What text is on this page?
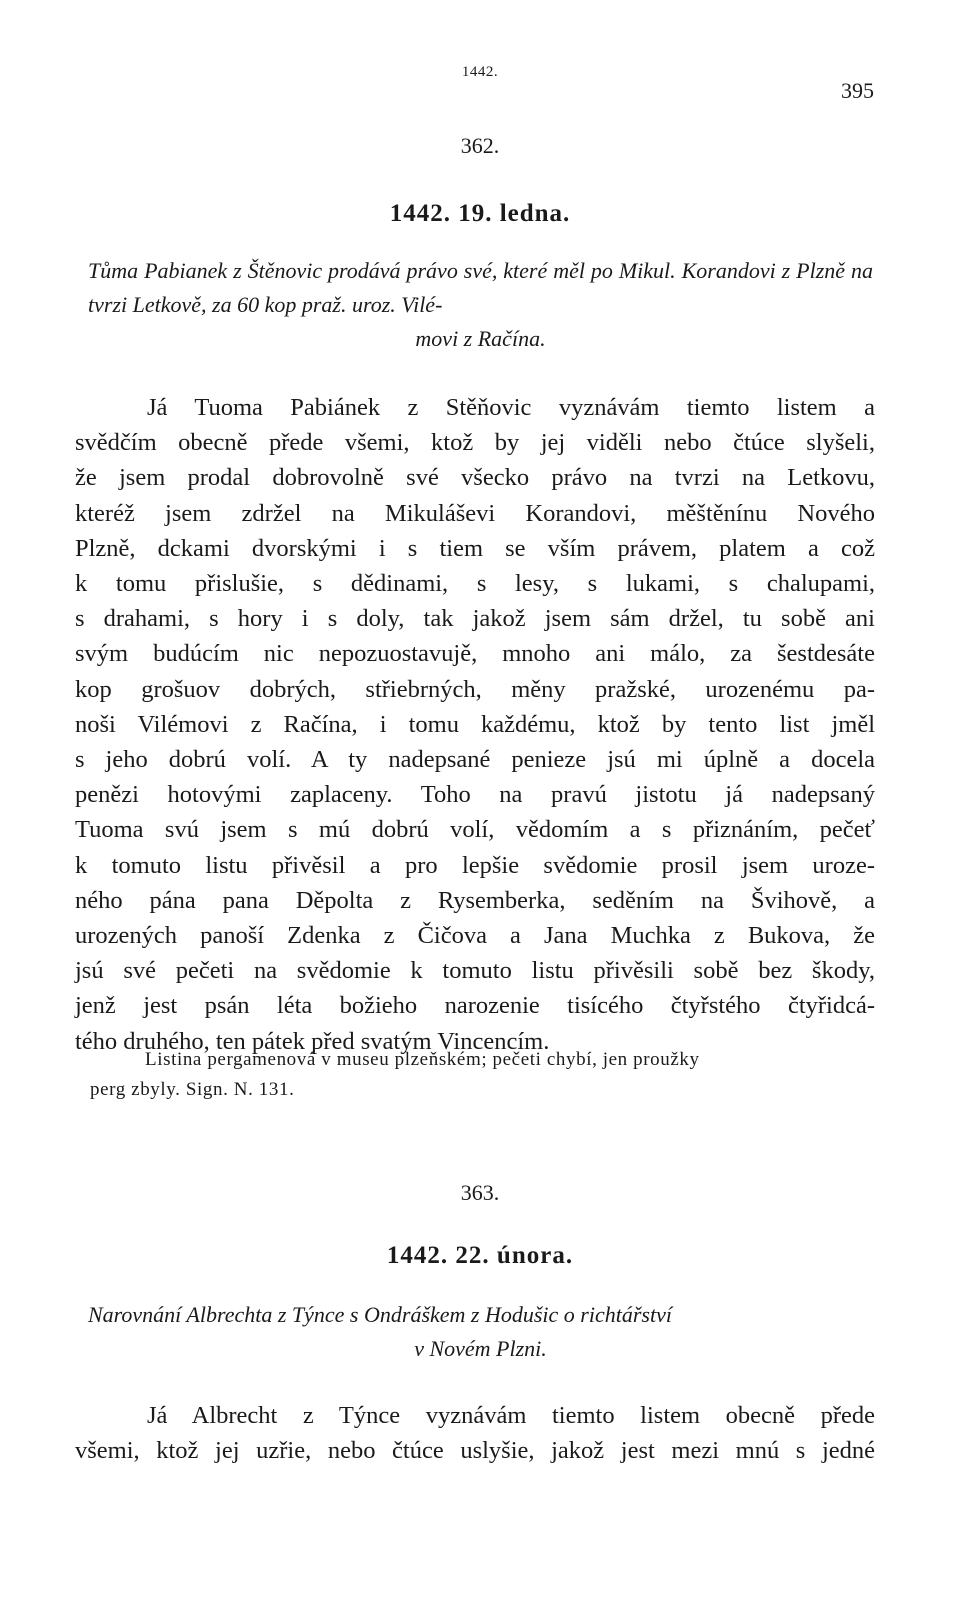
1442.
395
362.
1442. 19. ledna.
Tůma Pabianek z Štěnovic prodává právo své, které měl po Mikul. Korandovi z Plzně na tvrzi Letkově, za 60 kop praž. uroz. Vilé-
movi z Račína.
Já Tuoma Pabiánek z Stěňovic vyznávám tiemto listem a
svědčím obecně přede všemi, ktož by jej viděli nebo čtúce slyšeli,
že jsem prodal dobrovolně své všecko právo na tvrzi na Letkovu,
kteréž jsem zdržel na Mikuláševi Korandovi, měštěnínu Nového
Plzně, dckami dvorskými i s tiem se vším právem, platem a což
k tomu přislušie, s dědinami, s lesy, s lukami, s chalupami,
s drahami, s hory i s doly, tak jakož jsem sám držel, tu sobě ani
svým budúcím nic nepozuostavujě, mnoho ani málo, za šestdesáte
kop grošuov dobrých, střiebrných, měny pražské, urozenému pa-
noši Vilémovi z Račína, i tomu každému, ktož by tento list jměl
s jeho dobrú volí. A ty nadepsané penieze jsú mi úplně a docela
penězi hotovými zaplaceny. Toho na pravú jistotu já nadepsaný
Tuoma svú jsem s mú dobrú volí, vědomím a s přiznáním, pečeť
k tomuto listu přivěsil a pro lepšie svědomie prosil jsem uroze-
ného pána pana Děpolta z Rysemberka, seděním na Švihově, a
urozených panoší Zdenka z Čičova a Jana Muchka z Bukova, že
jsú své pečeti na svědomie k tomuto listu přivěsili sobě bez škody,
jenž jest psán léta božieho narozenie tisícého čtyřstého čtyřidcá-
tého druhého, ten pátek před svatým Vincencím.
Listina pergamenová v museu plzeňském; pečeti chybí, jen proužky
perg zbyly. Sign. N. 131.
363.
1442. 22. února.
Narovnání Albrechta z Týnce s Ondráškem z Hodušic o richtářství
v Novém Plzni.
Já Albrecht z Týnce vyznávám tiemto listem obecně přede
všemi, ktož jej uzřie, nebo čtúce uslyšie, jakož jest mezi mnú s jedné
